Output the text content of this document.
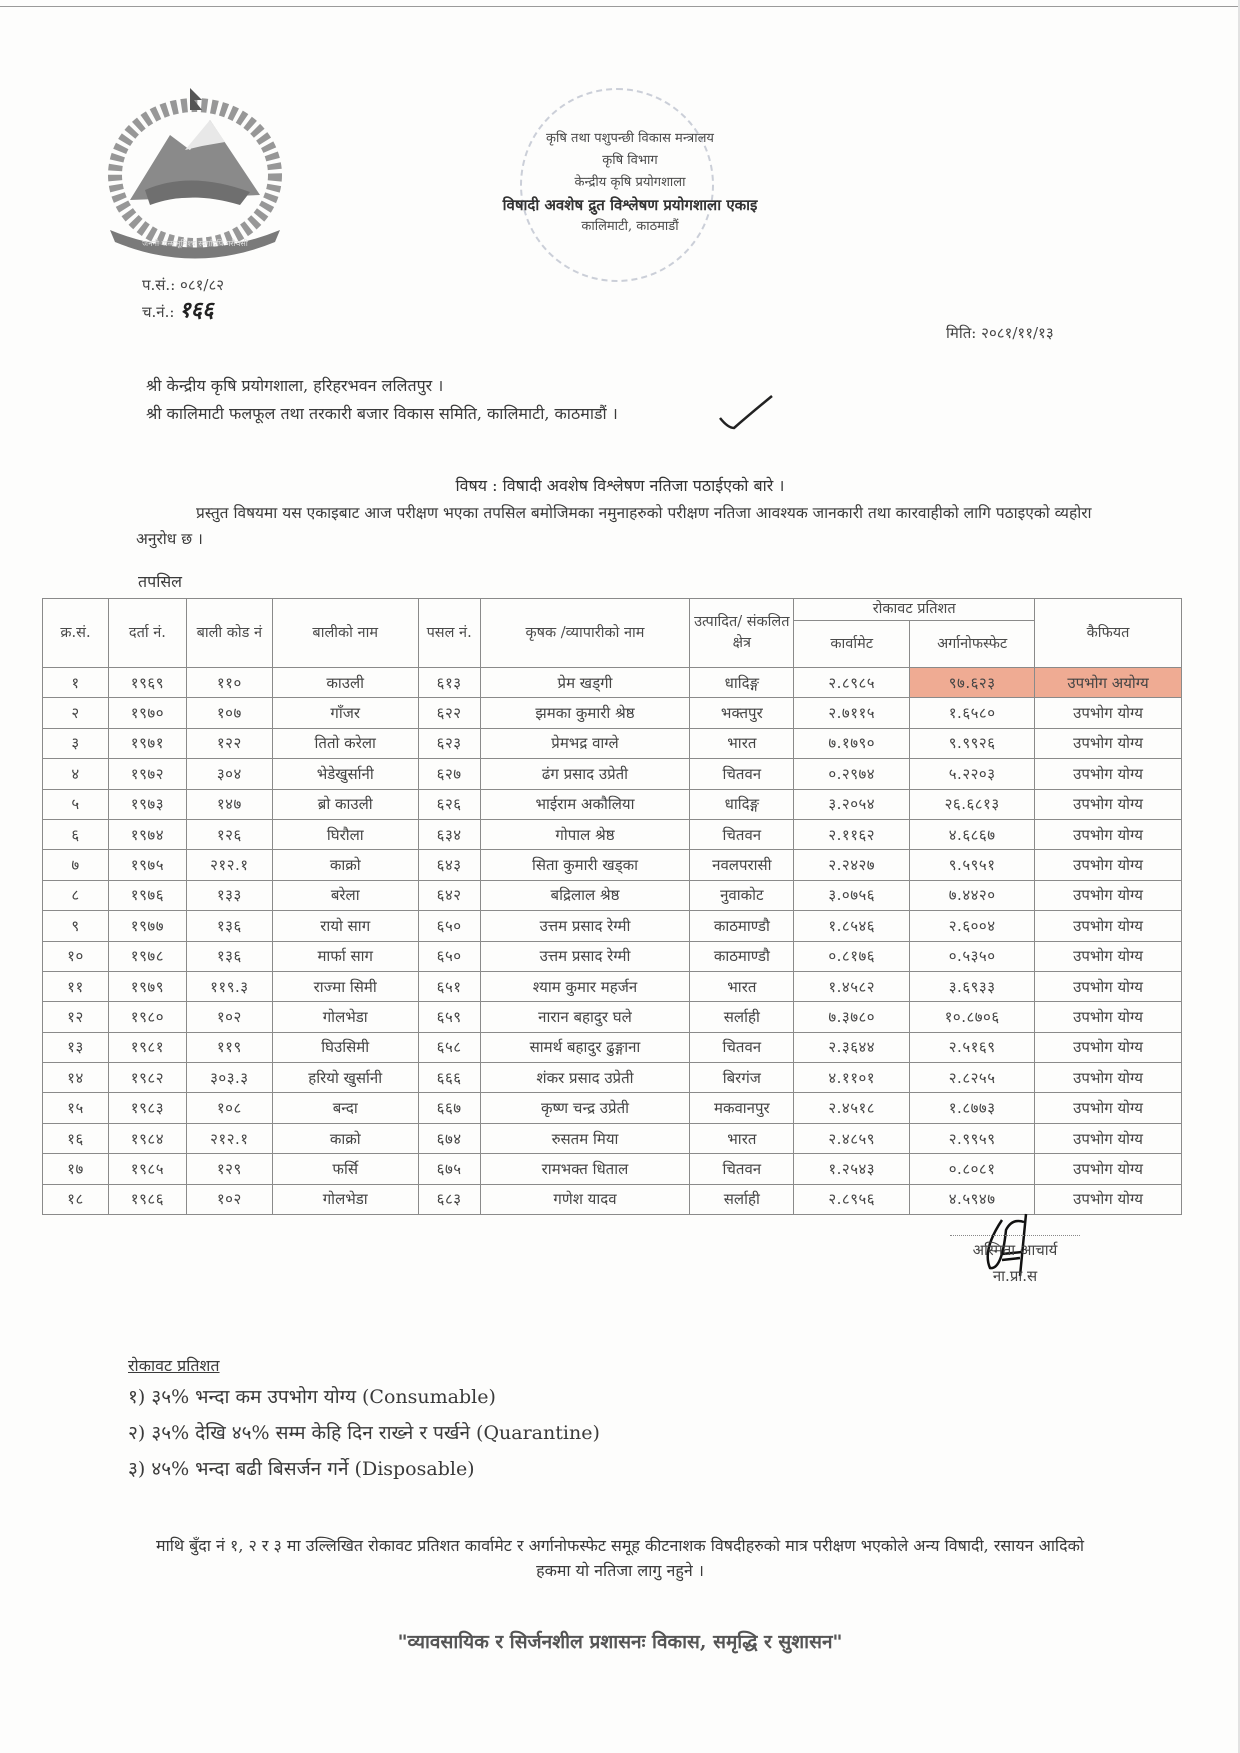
जननी जन्मभूमिश्च स्वर्गादपि गरीयसी
कृषि तथा पशुपन्छी विकास मन्त्रालय
कृषि विभाग
केन्द्रीय कृषि प्रयोगशाला
विषादी अवशेष द्रुत विश्लेषण प्रयोगशाला एकाइ
कालिमाटी, काठमाडौं
प.सं.: ०८१/८२
च.नं.: १६६
मिति: २०८१/११/१३
श्री केन्द्रीय कृषि प्रयोगशाला, हरिहरभवन ललितपुर ।
श्री कालिमाटी फलफूल तथा तरकारी बजार विकास समिति, कालिमाटी, काठमाडौं ।
विषय : विषादी अवशेष विश्लेषण नतिजा पठाईएको बारे ।
प्रस्तुत विषयमा यस एकाइबाट आज परीक्षण भएका तपसिल बमोजिमका नमुनाहरुको परीक्षण नतिजा आवश्यक जानकारी तथा कारवाहीको लागि पठाइएको व्यहोरा अनुरोध छ ।
तपसिल
क्र.सं.	दर्ता नं.	बाली कोड नं	बालीको नाम	पसल नं.	कृषक /व्यापारीको नाम	उत्पादित/ संकलित क्षेत्र	रोकावट प्रतिशत		कैफियत
							कार्वामेट	अर्गानोफस्फेट	
१	१९६९	११०	काउली	६१३	प्रेम खड्गी	धादिङ्ग	२.८९८५	९७.६२३	उपभोग अयोग्य
२	१९७०	१०७	गाँजर	६२२	झमका कुमारी श्रेष्ठ	भक्तपुर	२.७११५	१.६५८०	उपभोग योग्य
३	१९७१	१२२	तितो करेला	६२३	प्रेमभद्र वाग्ले	भारत	७.१७९०	९.९९२६	उपभोग योग्य
४	१९७२	३०४	भेडेखुर्सानी	६२७	ढंग प्रसाद उप्रेती	चितवन	०.२९७४	५.२२०३	उपभोग योग्य
५	१९७३	१४७	ब्रो काउली	६२६	भाईराम अकौलिया	धादिङ्ग	३.२०५४	२६.६८१३	उपभोग योग्य
६	१९७४	१२६	घिरौला	६३४	गोपाल श्रेष्ठ	चितवन	२.११६२	४.६८६७	उपभोग योग्य
७	१९७५	२१२.१	काक्रो	६४३	सिता कुमारी खड्का	नवलपरासी	२.२४२७	९.५९५१	उपभोग योग्य
८	१९७६	१३३	बरेला	६४२	बद्रिलाल श्रेष्ठ	नुवाकोट	३.०७५६	७.४४२०	उपभोग योग्य
९	१९७७	१३६	रायो साग	६५०	उत्तम प्रसाद रेग्मी	काठमाण्डौ	१.८५४६	२.६००४	उपभोग योग्य
१०	१९७८	१३६	मार्फा साग	६५०	उत्तम प्रसाद रेग्मी	काठमाण्डौ	०.८१७६	०.५३५०	उपभोग योग्य
११	१९७९	११९.३	राज्मा सिमी	६५१	श्याम कुमार महर्जन	भारत	१.४५८२	३.६९३३	उपभोग योग्य
१२	१९८०	१०२	गोलभेडा	६५९	नारान बहादुर घले	सर्लाही	७.३७८०	१०.८७०६	उपभोग योग्य
१३	१९८१	११९	घिउसिमी	६५८	सामर्थ बहादुर ढुङ्गाना	चितवन	२.३६४४	२.५१६९	उपभोग योग्य
१४	१९८२	३०३.३	हरियो खुर्सानी	६६६	शंकर प्रसाद उप्रेती	बिरगंज	४.११०१	२.८२५५	उपभोग योग्य
१५	१९८३	१०८	बन्दा	६६७	कृष्ण चन्द्र उप्रेती	मकवानपुर	२.४५१८	१.८७७३	उपभोग योग्य
१६	१९८४	२१२.१	काक्रो	६७४	रुसतम मिया	भारत	२.४८५९	२.९९५९	उपभोग योग्य
१७	१९८५	१२९	फर्सि	६७५	रामभक्त धिताल	चितवन	१.२५४३	०.८०८१	उपभोग योग्य
१८	१९८६	१०२	गोलभेडा	६८३	गणेश यादव	सर्लाही	२.८९५६	४.५९४७	उपभोग योग्य
अस्मिता आचार्य
ना.प्रा.स
रोकावट प्रतिशत
१) ३५% भन्दा कम उपभोग योग्य (Consumable)
२) ३५% देखि ४५% सम्म केहि दिन राख्ने र पर्खने (Quarantine)
३) ४५% भन्दा बढी बिसर्जन गर्ने (Disposable)
माथि बुँदा नं १, २ र ३ मा उल्लिखित रोकावट प्रतिशत कार्वामेट र अर्गानोफस्फेट समूह कीटनाशक विषदीहरुको मात्र परीक्षण भएकोले अन्य विषादी, रसायन आदिको हकमा यो नतिजा लागु नहुने ।
"व्यावसायिक र सिर्जनशील प्रशासनः विकास, समृद्धि र सुशासन"
